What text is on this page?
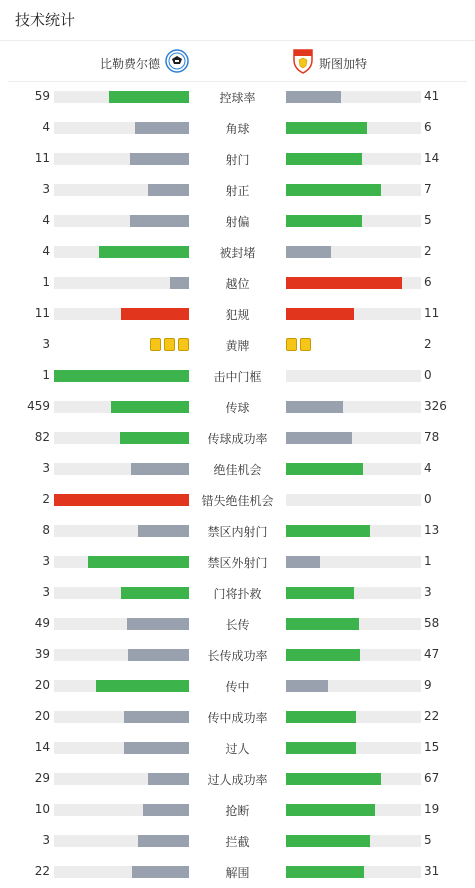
技术统计
比勒费尔德	斯图加特
59	控球率	41
4	角球	6
11	射门	14
3	射正	7
4	射偏	5
4	被封堵	2
1	越位	6
11	犯规	11
3	黄牌	2
1	击中门框	0
459	传球	326
82	传球成功率	78
3	绝佳机会	4
2	错失绝佳机会	0
8	禁区内射门	13
3	禁区外射门	1
3	门将扑救	3
49	长传	58
39	长传成功率	47
20	传中	9
20	传中成功率	22
14	过人	15
29	过人成功率	67
10	抢断	19
3	拦截	5
22	解围	31
